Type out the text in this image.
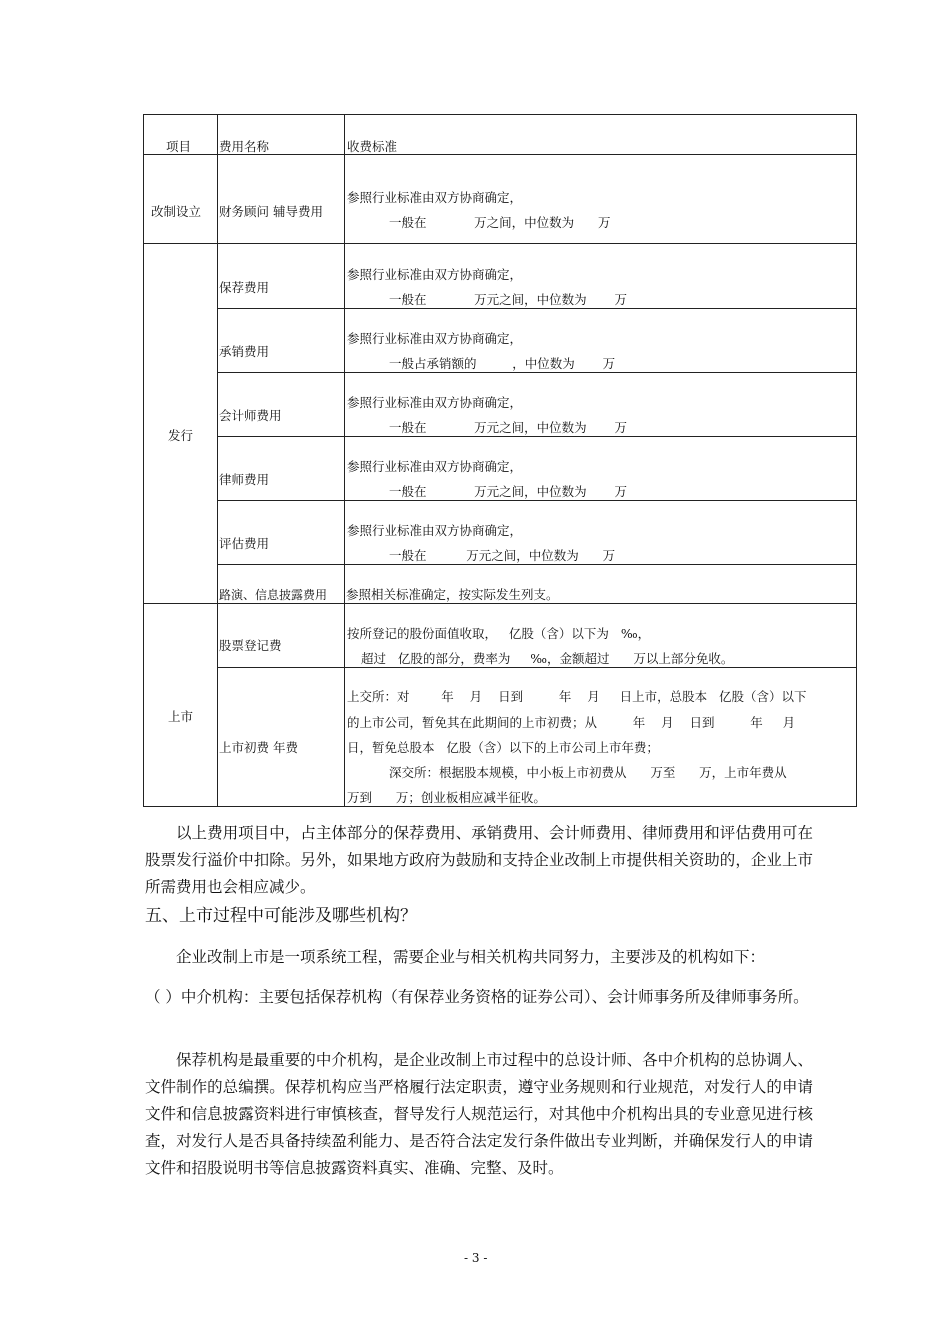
项目 费用名称	收费标准
改制设立
发行
上市
财务顾问 辅导费用
参照行业标准由双方协商确定，
一般在            万之间，中位数为      万
保荐费用
参照行业标准由双方协商确定，
一般在            万元之间，中位数为       万
承销费用
参照行业标准由双方协商确定，
一般占承销额的         ，中位数为       万
会计师费用
参照行业标准由双方协商确定，
一般在            万元之间，中位数为       万
律师费用
参照行业标准由双方协商确定，
一般在            万元之间，中位数为       万
评估费用
参照行业标准由双方协商确定，
一般在          万元之间，中位数为      万
路演、信息披露费用 参照相关标准确定，按实际发生列支。
股票登记费
按所登记的股份面值收取，   亿股（含）以下为   ‰，
超过   亿股的部分，费率为     ‰，金额超过      万以上部分免收。
上市初费 年费
上交所：对        年    月    日到         年    月     日上市，总股本   亿股（含）以下
的上市公司，暂免其在此期间的上市初费；从         年    月    日到         年     月
日，暂免总股本   亿股（含）以下的上市公司上市年费；
深交所：根据股本规模，中小板上市初费从      万至      万，上市年费从
万到      万；创业板相应减半征收。
以上费用项目中，占主体部分的保荐费用、承销费用、会计师费用、律师费用和评估费用可在股票发行溢价中扣除。另外，如果地方政府为鼓励和支持企业改制上市提供相关资助的，企业上市所需费用也会相应减少。
五、上市过程中可能涉及哪些机构？
企业改制上市是一项系统工程，需要企业与相关机构共同努力，主要涉及的机构如下：
（ ）中介机构：主要包括保荐机构（有保荐业务资格的证券公司）、会计师事务所及律师事务所。
保荐机构是最重要的中介机构，是企业改制上市过程中的总设计师、各中介机构的总协调人、文件制作的总编撰。保荐机构应当严格履行法定职责，遵守业务规则和行业规范，对发行人的申请文件和信息披露资料进行审慎核查，督导发行人规范运行，对其他中介机构出具的专业意见进行核查，对发行人是否具备持续盈利能力、是否符合法定发行条件做出专业判断，并确保发行人的申请文件和招股说明书等信息披露资料真实、准确、完整、及时。
- 3 -
